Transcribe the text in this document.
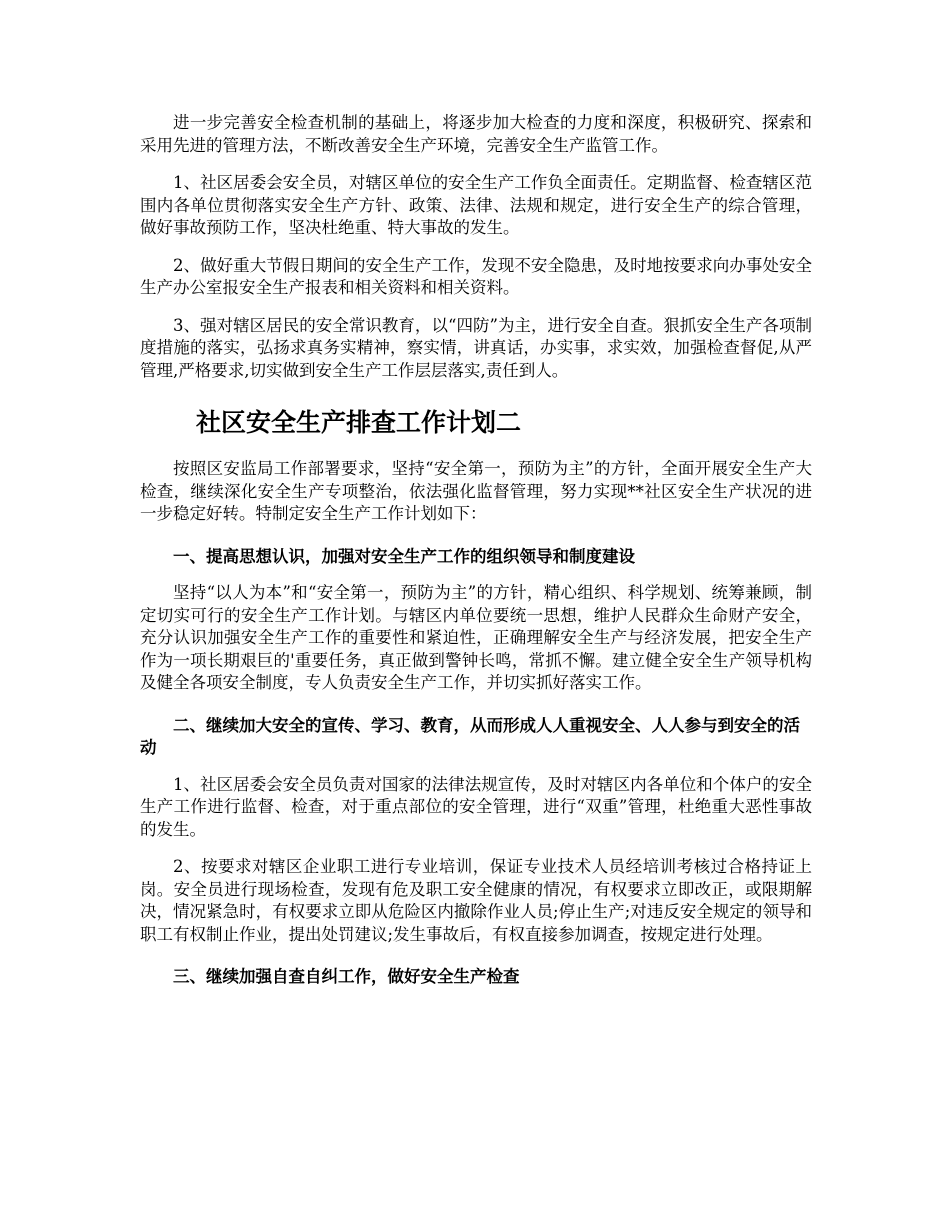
进一步完善安全检查机制的基础上，将逐步加大检查的力度和深度，积极研究、探索和采用先进的管理方法，不断改善安全生产环境，完善安全生产监管工作。

1、社区居委会安全员，对辖区单位的安全生产工作负全面责任。定期监督、检查辖区范围内各单位贯彻落实安全生产方针、政策、法律、法规和规定，进行安全生产的综合管理，做好事故预防工作，坚决杜绝重、特大事故的发生。

2、做好重大节假日期间的安全生产工作，发现不安全隐患，及时地按要求向办事处安全生产办公室报安全生产报表和相关资料和相关资料。

3、强对辖区居民的安全常识教育，以“四防”为主，进行安全自查。狠抓安全生产各项制度措施的落实，弘扬求真务实精神，察实情，讲真话，办实事，求实效，加强检查督促,从严管理,严格要求,切实做到安全生产工作层层落实,责任到人。

社区安全生产排查工作计划二

按照区安监局工作部署要求，坚持“安全第一，预防为主”的方针，全面开展安全生产大检查，继续深化安全生产专项整治，依法强化监督管理，努力实现**社区安全生产状况的进一步稳定好转。特制定安全生产工作计划如下：

一、提高思想认识，加强对安全生产工作的组织领导和制度建设

坚持“以人为本”和“安全第一，预防为主”的方针，精心组织、科学规划、统筹兼顾，制定切实可行的安全生产工作计划。与辖区内单位要统一思想，维护人民群众生命财产安全，充分认识加强安全生产工作的重要性和紧迫性，正确理解安全生产与经济发展，把安全生产作为一项长期艰巨的'重要任务，真正做到警钟长鸣，常抓不懈。建立健全安全生产领导机构及健全各项安全制度，专人负责安全生产工作，并切实抓好落实工作。

二、继续加大安全的宣传、学习、教育，从而形成人人重视安全、人人参与到安全的活动

1、社区居委会安全员负责对国家的法律法规宣传，及时对辖区内各单位和个体户的安全生产工作进行监督、检查，对于重点部位的安全管理，进行“双重”管理，杜绝重大恶性事故的发生。

2、按要求对辖区企业职工进行专业培训，保证专业技术人员经培训考核过合格持证上岗。安全员进行现场检查，发现有危及职工安全健康的情况，有权要求立即改正，或限期解决，情况紧急时，有权要求立即从危险区内撤除作业人员;停止生产;对违反安全规定的领导和职工有权制止作业，提出处罚建议;发生事故后，有权直接参加调查，按规定进行处理。

三、继续加强自查自纠工作，做好安全生产检查
